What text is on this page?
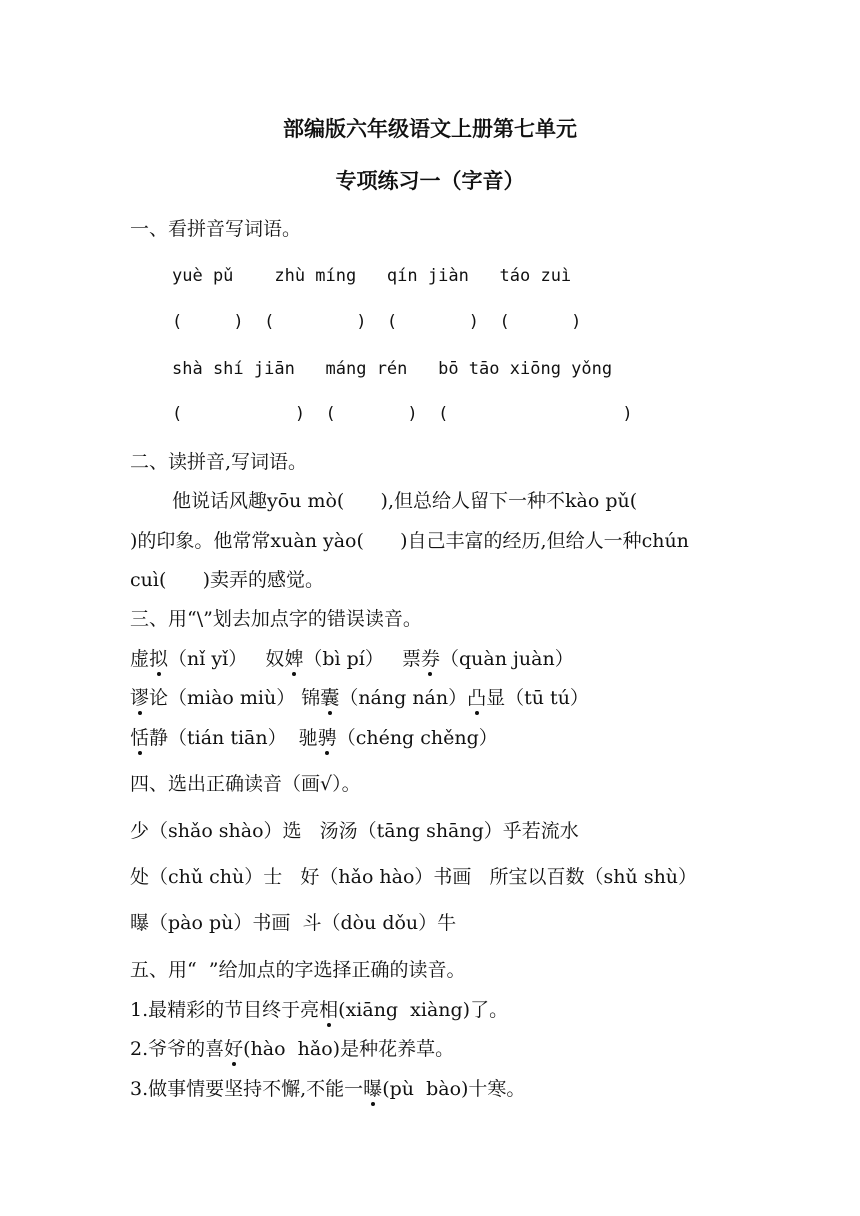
部编版六年级语文上册第七单元
专项练习一（字音）
一、看拼音写词语。
yuè pǔ    zhù míng   qín jiàn   táo zuì
(     )  (        )  (       )  (      )
shà shí jiān   máng rén   bō tāo xiōng yǒng
(           )  (       )  (                 )
二、读拼音,写词语。
他说话风趣yōu mò(      ),但总给人留下一种不kào pǔ(
)的印象。他常常xuàn yào(      )自己丰富的经历,但给人一种chún
cuì(      )卖弄的感觉。
三、用“\”划去加点字的错误读音。
虚拟（nǐ yǐ）   奴婢（bì pí）   票券（quàn juàn）
谬论（miào miù） 锦囊（náng nán）凸显（tū tú）
恬静（tián tiān）  驰骋（chéng chěng）
四、选出正确读音（画√）。
少（shǎo shào）选   汤汤（tāng shāng）乎若流水
处（chǔ chù）士   好（hǎo hào）书画   所宝以百数（shǔ shù）
曝（pào pù）书画  斗（dòu dǒu）牛
五、用“  ”给加点的字选择正确的读音。
1.最精彩的节目终于亮相(xiāng  xiàng)了。
2.爷爷的喜好(hào  hǎo)是种花养草。
3.做事情要坚持不懈,不能一曝(pù  bào)十寒。
